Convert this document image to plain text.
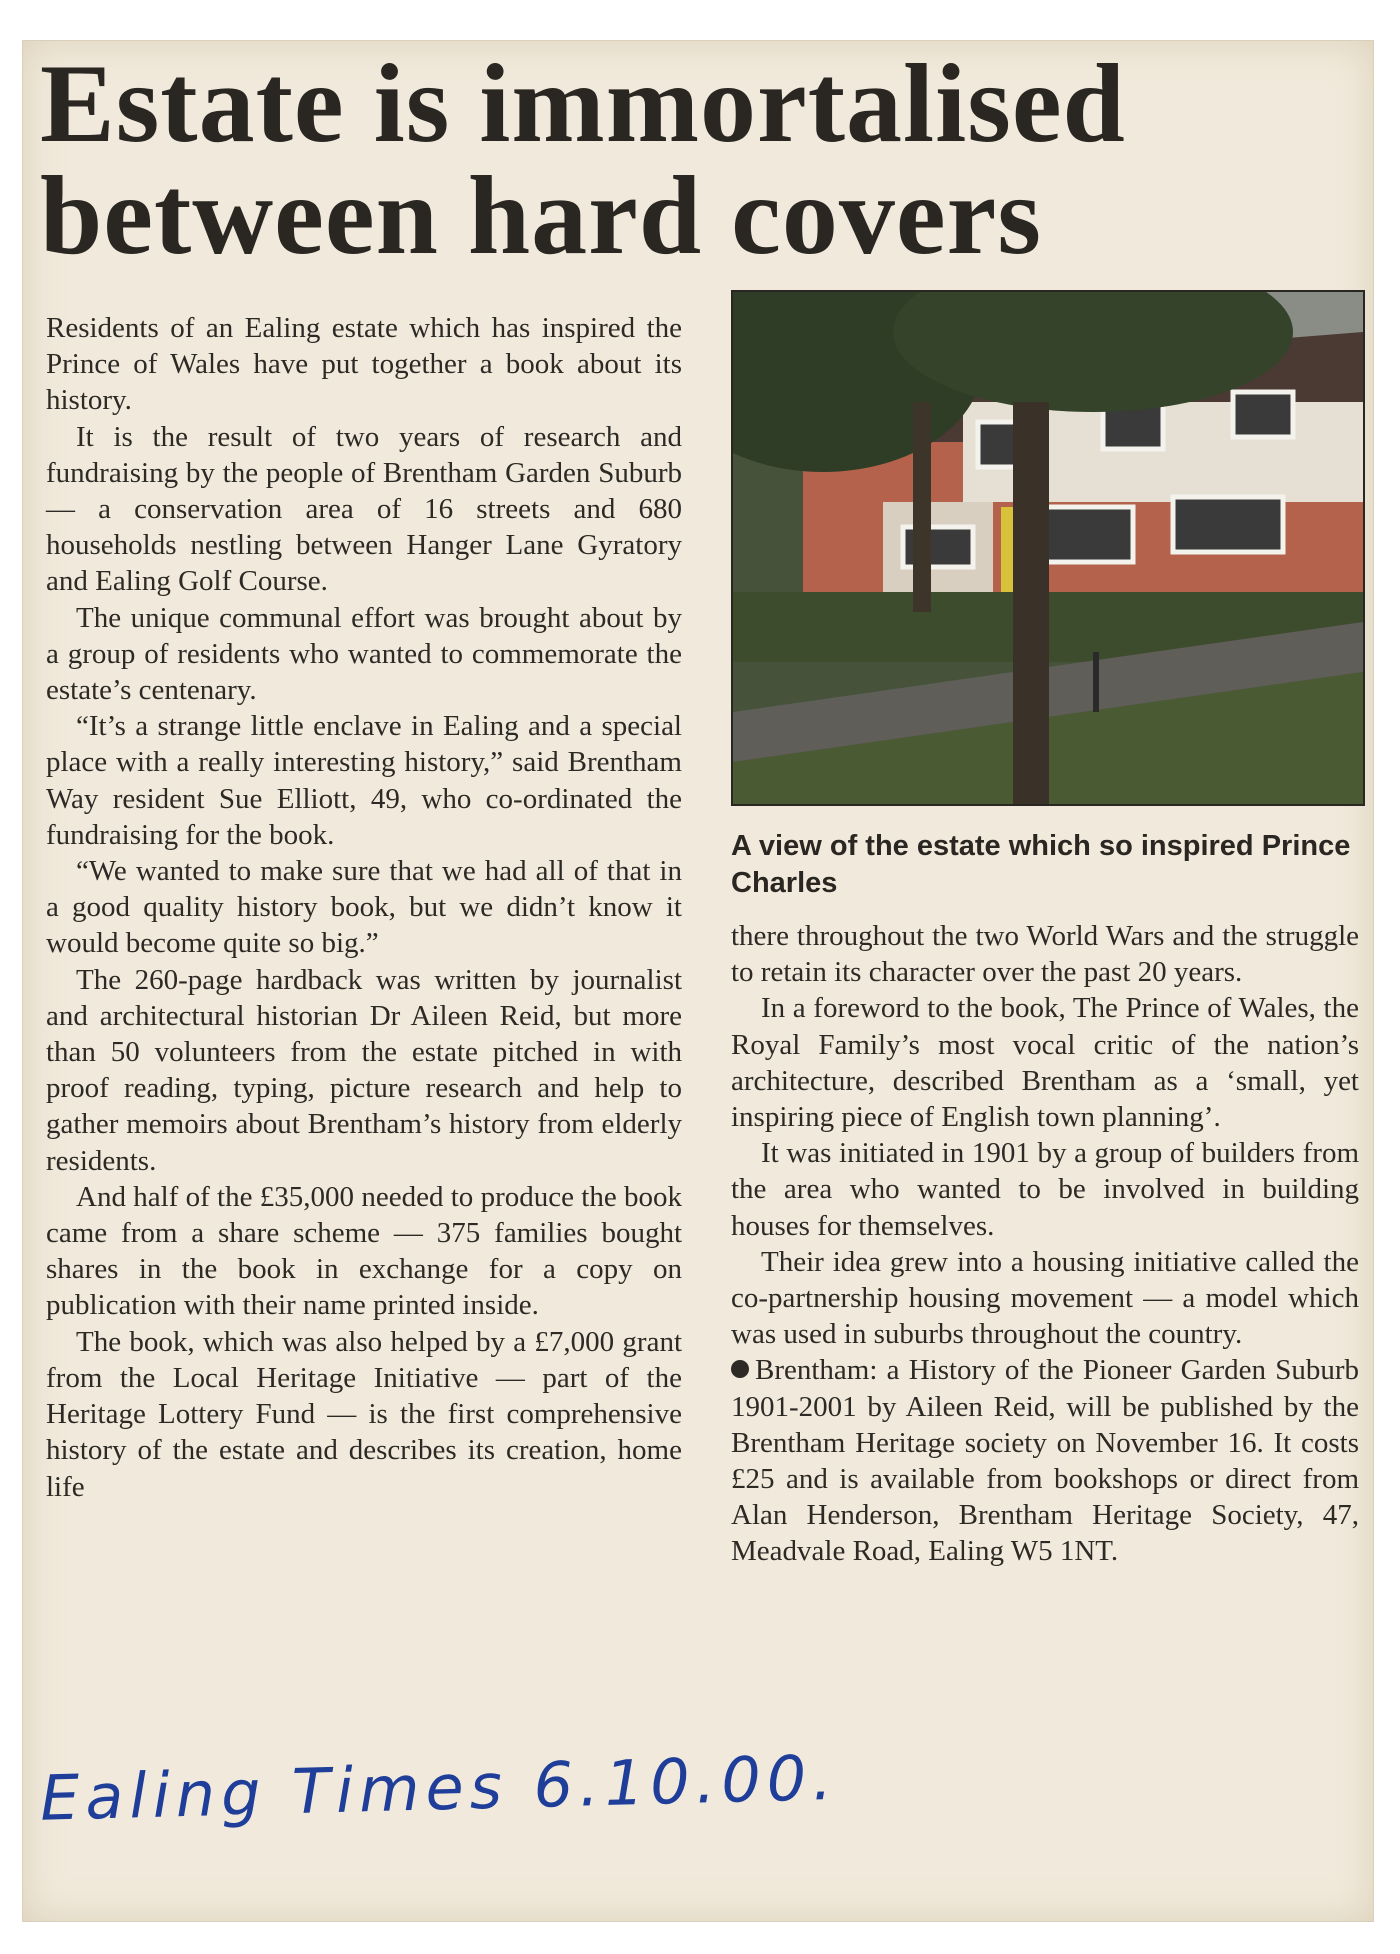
Estate is immortalised between hard covers

Residents of an Ealing estate which has inspired the Prince of Wales have put together a book about its history.

It is the result of two years of research and fundraising by the people of Brentham Garden Suburb — a conservation area of 16 streets and 680 households nestling between Hanger Lane Gyratory and Ealing Golf Course.

The unique communal effort was brought about by a group of residents who wanted to commemorate the estate’s centenary.

“It’s a strange little enclave in Ealing and a special place with a really interesting history,” said Brentham Way resident Sue Elliott, 49, who co-ordinated the fundraising for the book.

“We wanted to make sure that we had all of that in a good quality history book, but we didn’t know it would become quite so big.”

The 260-page hardback was written by journalist and architectural historian Dr Aileen Reid, but more than 50 volunteers from the estate pitched in with proof reading, typing, picture research and help to gather memoirs about Brentham’s history from elderly residents.

And half of the £35,000 needed to produce the book came from a share scheme — 375 families bought shares in the book in exchange for a copy on publication with their name printed inside.

The book, which was also helped by a £7,000 grant from the Local Heritage Initiative — part of the Heritage Lottery Fund — is the first comprehensive history of the estate and describes its creation, home life

A view of the estate which so inspired Prince Charles

there throughout the two World Wars and the struggle to retain its character over the past 20 years.

In a foreword to the book, The Prince of Wales, the Royal Family’s most vocal critic of the nation’s architecture, described Brentham as a ‘small, yet inspiring piece of English town planning’.

It was initiated in 1901 by a group of builders from the area who wanted to be involved in building houses for themselves.

Their idea grew into a housing initiative called the co-partnership housing movement — a model which was used in suburbs throughout the country.

Brentham: a History of the Pioneer Garden Suburb 1901-2001 by Aileen Reid, will be published by the Brentham Heritage society on November 16. It costs £25 and is available from bookshops or direct from Alan Henderson, Brentham Heritage Society, 47, Meadvale Road, Ealing W5 1NT.

Ealing Times 6.10.00.
